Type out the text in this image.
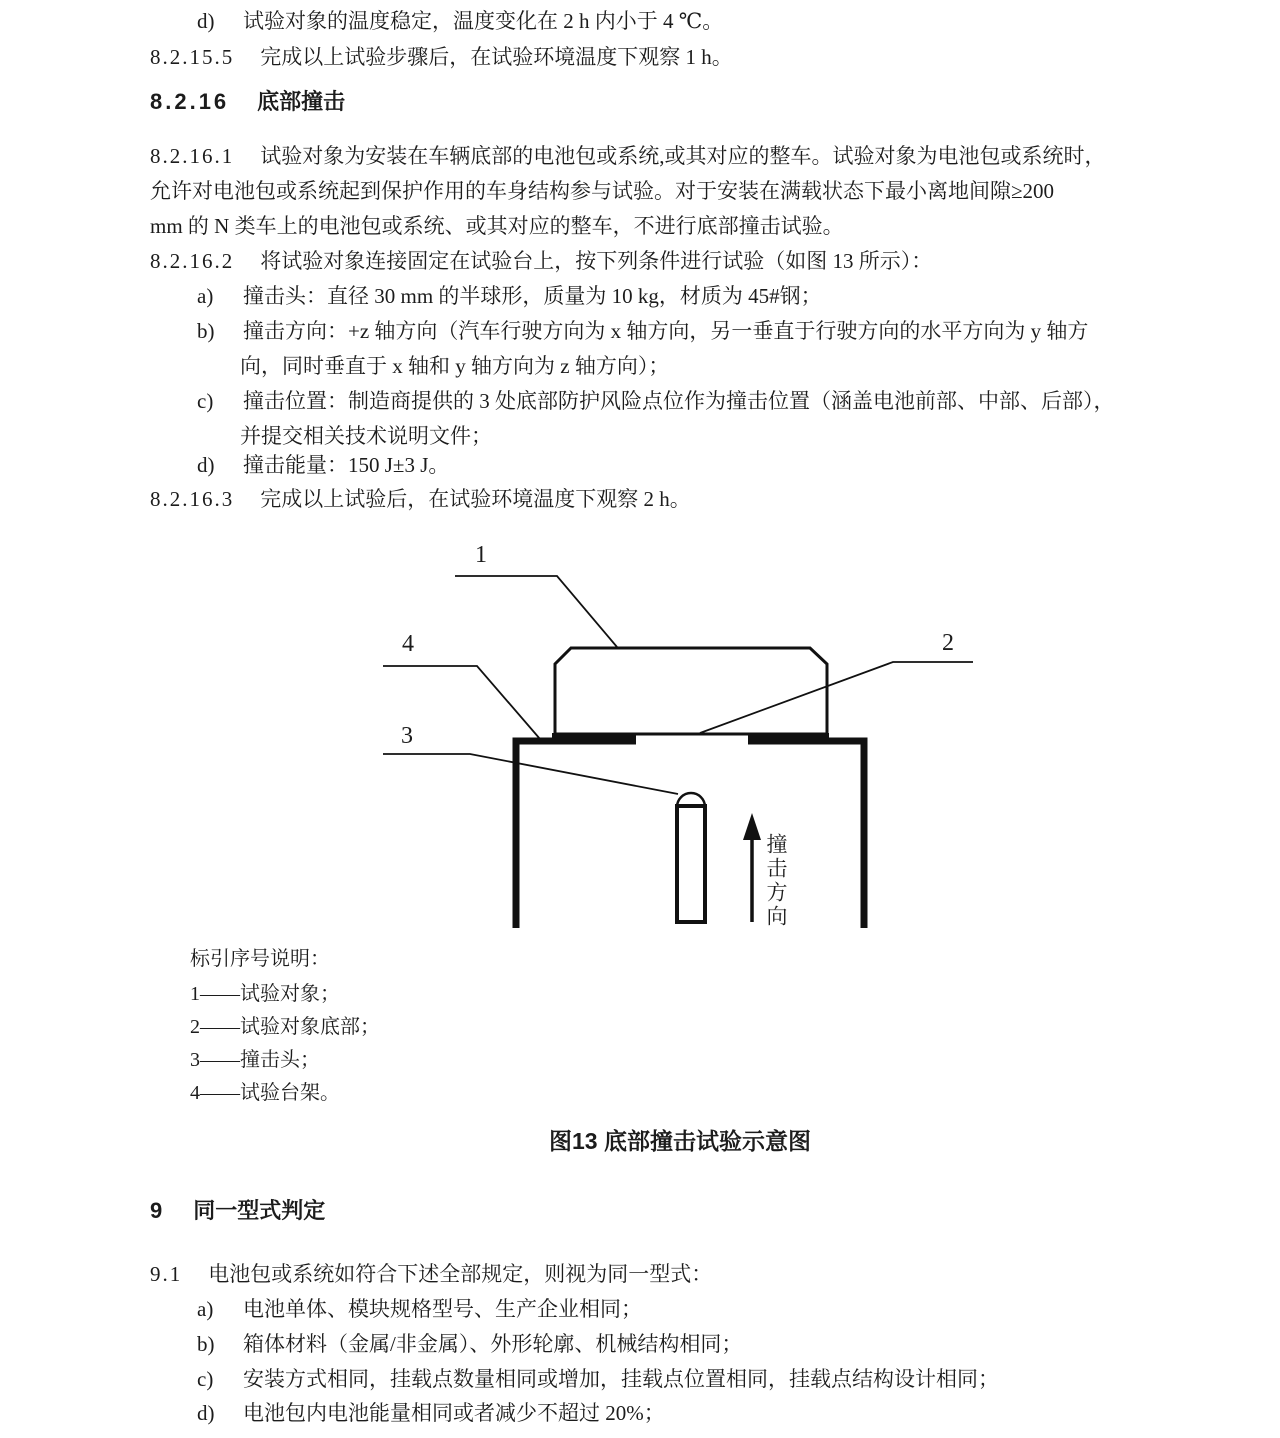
d) 试验对象的温度稳定，温度变化在 2 h 内小于 4 ℃。
8.2.15.5 完成以上试验步骤后，在试验环境温度下观察 1 h。
8.2.16 底部撞击
8.2.16.1 试验对象为安装在车辆底部的电池包或系统,或其对应的整车。试验对象为电池包或系统时，
允许对电池包或系统起到保护作用的车身结构参与试验。对于安装在满载状态下最小离地间隙≥200
mm 的 N 类车上的电池包或系统、或其对应的整车，不进行底部撞击试验。
8.2.16.2 将试验对象连接固定在试验台上，按下列条件进行试验（如图 13 所示）：
a) 撞击头：直径 30 mm 的半球形，质量为 10 kg，材质为 45#钢；
b) 撞击方向：+z 轴方向（汽车行驶方向为 x 轴方向，另一垂直于行驶方向的水平方向为 y 轴方
向，同时垂直于 x 轴和 y 轴方向为 z 轴方向）；
c) 撞击位置：制造商提供的 3 处底部防护风险点位作为撞击位置（涵盖电池前部、中部、后部），
并提交相关技术说明文件；
d) 撞击能量：150 J±3 J。
8.2.16.3 完成以上试验后，在试验环境温度下观察 2 h。
1
2
3
4
撞击方向
标引序号说明：
1——试验对象；
2——试验对象底部；
3——撞击头；
4——试验台架。
图13 底部撞击试验示意图
9 同一型式判定
9.1 电池包或系统如符合下述全部规定，则视为同一型式：
a) 电池单体、模块规格型号、生产企业相同；
b) 箱体材料（金属/非金属）、外形轮廓、机械结构相同；
c) 安装方式相同，挂载点数量相同或增加，挂载点位置相同，挂载点结构设计相同；
d) 电池包内电池能量相同或者减少不超过 20%；
